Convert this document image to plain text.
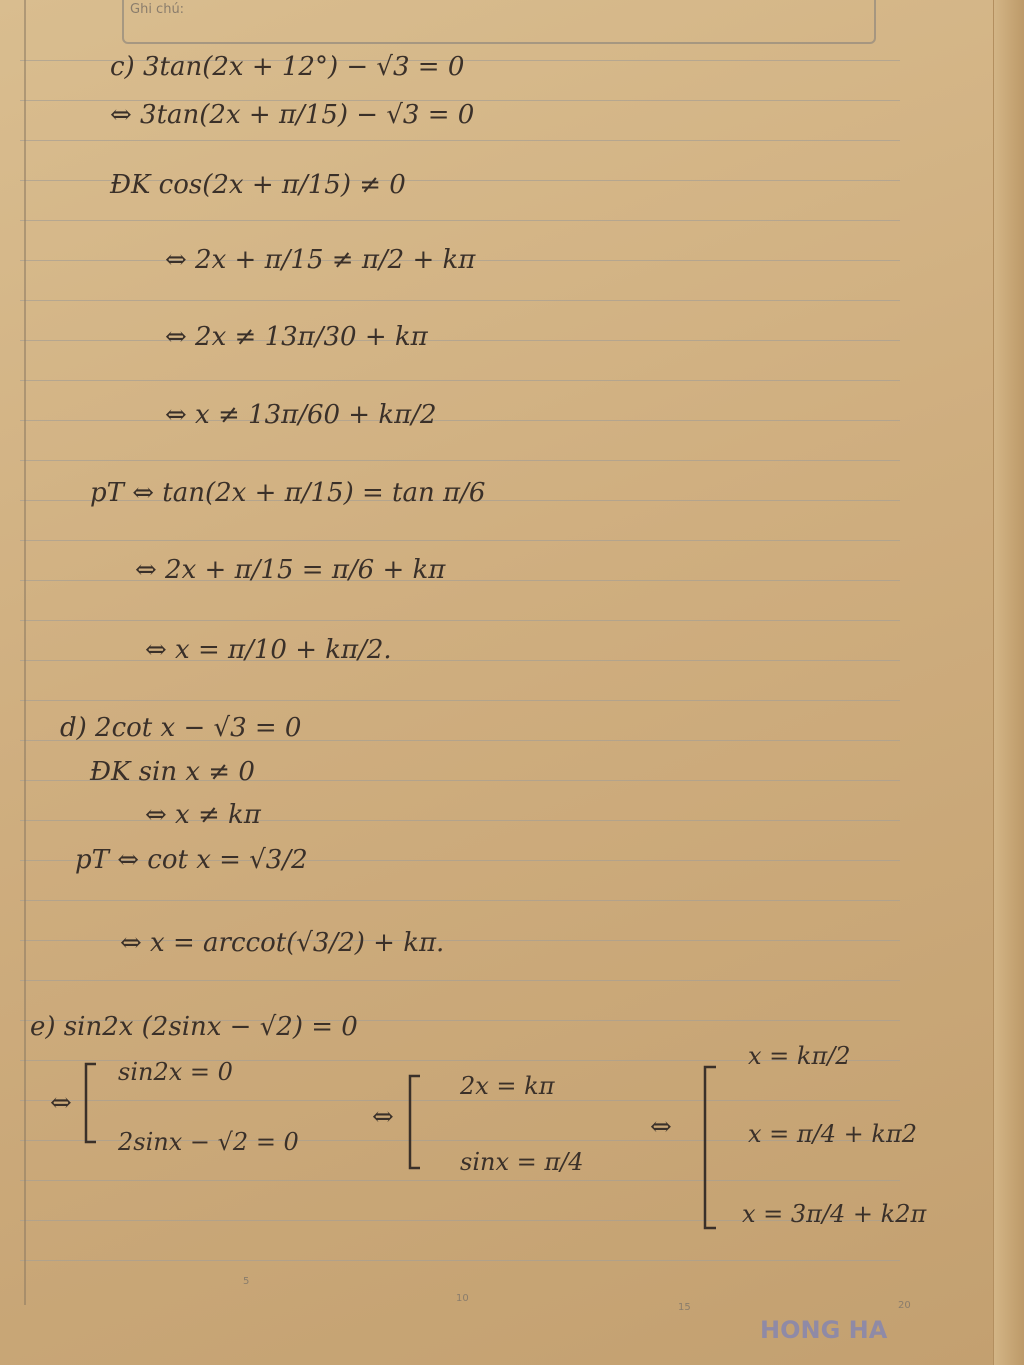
Ghi chú:
c) 3tan(2x + 12°) − √3 = 0
⇔ 3tan(2x + π/15) − √3 = 0
ĐK cos(2x + π/15) ≠ 0
⇔ 2x + π/15 ≠ π/2 + kπ
⇔ 2x ≠ 13π/30 + kπ
⇔ x ≠ 13π/60 + kπ/2
pT ⇔ tan(2x + π/15) = tan π/6
⇔ 2x + π/15 = π/6 + kπ
⇔ x = π/10 + kπ/2.
d) 2cot x − √3 = 0
ĐK sin x ≠ 0
⇔ x ≠ kπ
pT ⇔ cot x = √3/2
⇔ x = arccot(√3/2) + kπ.
e) sin2x (2sinx − √2) = 0
⇔
sin2x = 0
2sinx − √2 = 0
⇔
2x = kπ
sinx = π/4
⇔
x = kπ/2
x = π/4 + kπ2
x = 3π/4 + k2π
5
10
15	20
HONG HA
